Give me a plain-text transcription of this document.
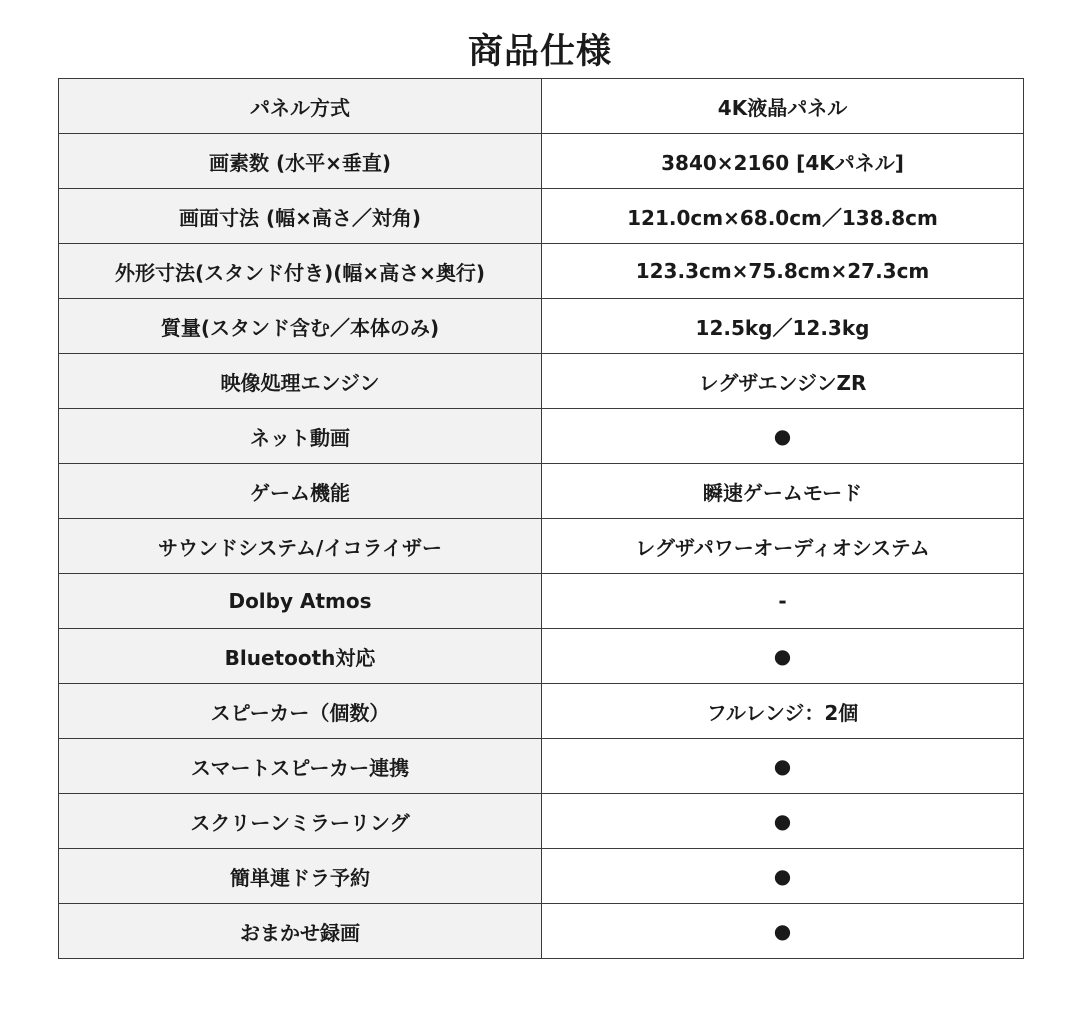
商品仕様
パネル方式	4K液晶パネル
画素数 (水平×垂直)	3840×2160 [4Kパネル]
画面寸法 (幅×高さ／対角)	121.0cm×68.0cm／138.8cm
外形寸法(スタンド付き)(幅×高さ×奥行)	123.3cm×75.8cm×27.3cm
質量(スタンド含む／本体のみ)	12.5kg／12.3kg
映像処理エンジン	レグザエンジンZR
ネット動画	●
ゲーム機能	瞬速ゲームモード
サウンドシステム/イコライザー	レグザパワーオーディオシステム
Dolby Atmos	-
Bluetooth対応	●
スピーカー（個数）	フルレンジ：2個
スマートスピーカー連携	●
スクリーンミラーリング	●
簡単連ドラ予約	●
おまかせ録画	●
